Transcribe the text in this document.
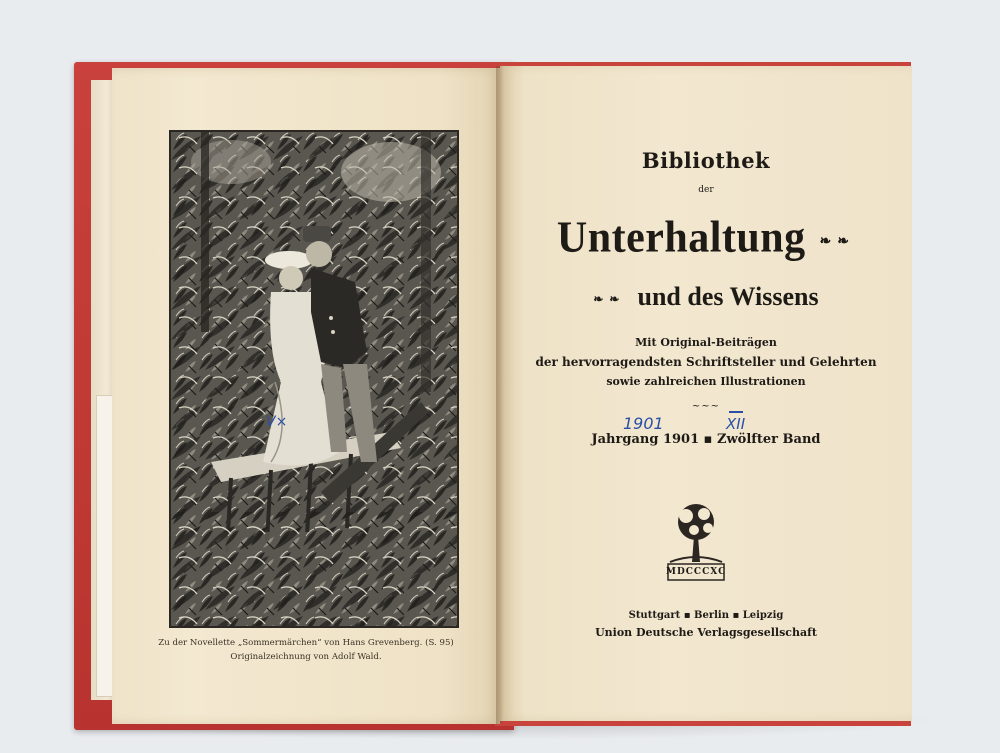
Zu der Novellette „Sommermärchen“ von Hans Grevenberg. (S. 95)
Originalzeichnung von Adolf Wald.
V×
Bibliothek
der
Unterhaltung ❧❧
❧❧ und des Wissens
Mit Original-Beiträgen
der hervorragendsten Schriftsteller und Gelehrten
sowie zahlreichen Illustrationen
~~~
1901	XII
Jahrgang 1901 ▪ Zwölfter Band
MDCCCXC
Stuttgart ▪ Berlin ▪ Leipzig
Union Deutsche Verlagsgesellschaft
